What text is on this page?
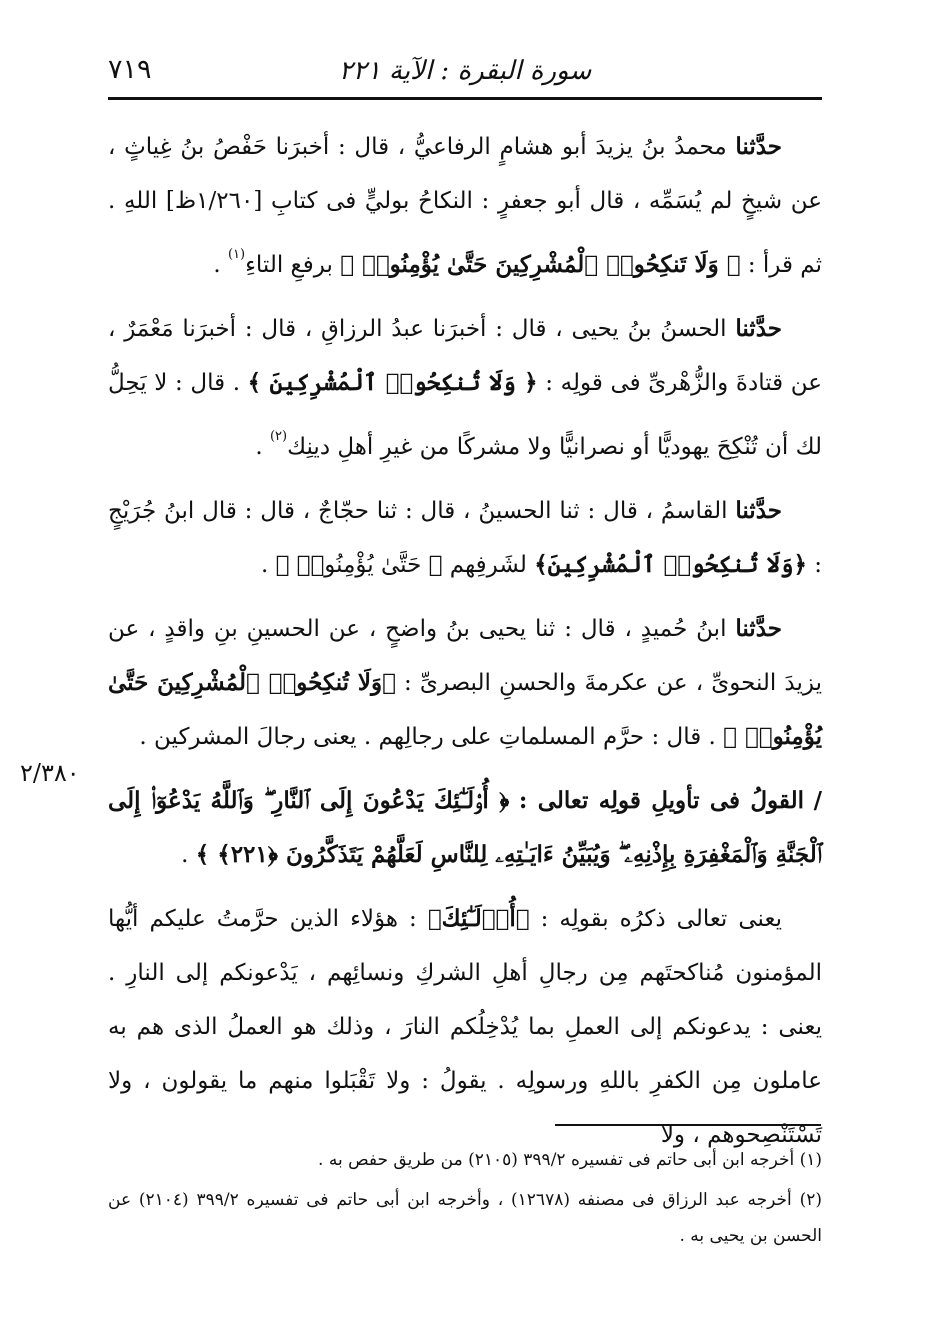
سورة البقرة : الآية ٢٢١
٧١٩

حدَّثنا محمدُ بنُ يزيدَ أبو هشامٍ الرفاعيُّ ، قال : أخبرَنا حَفْصُ بنُ غِياثٍ ، عن شيخٍ لم يُسَمِّه ، قال أبو جعفرٍ : النكاحُ بوليٍّ فى كتابِ [١/٢٦٠ظ] اللهِ . ثم قرأ : ﴿ وَلَا تَنكِحُوا۟ ٱلْمُشْرِكِينَ حَتَّىٰ يُؤْمِنُوا۟ ﴾ برفعِ التاءِ$^{(١)}$ .

حدَّثنا الحسنُ بنُ يحيى ، قال : أخبرَنا عبدُ الرزاقِ ، قال : أخبرَنا مَعْمَرٌ ، عن قتادةَ والزُّهْرىِّ فى قولِه : ﴿ وَلَا تُنكِحُوا۟ ٱلْمُشْرِكِينَ ﴾ . قال : لا يَحِلُّ لك أن تُنْكِحَ يهوديًّا أو نصرانيًّا ولا مشركًا من غيرِ أهلِ دينِك$^{(٢)}$ .

حدَّثنا القاسمُ ، قال : ثنا الحسينُ ، قال : ثنا حجّاجٌ ، قال : قال ابنُ جُرَيْجٍ : ﴿وَلَا تُنكِحُوا۟ ٱلْمُشْرِكِينَ﴾ لشَرفِهم ﴿ حَتَّىٰ يُؤْمِنُوا۟ ﴾ .

حدَّثنا ابنُ حُميدٍ ، قال : ثنا يحيى بنُ واضحٍ ، عن الحسينِ بنِ واقدٍ ، عن يزيدَ النحوىِّ ، عن عكرمةَ والحسنِ البصرىِّ : ﴿وَلَا تُنكِحُوا۟ ٱلْمُشْرِكِينَ حَتَّىٰ يُؤْمِنُوا۟ ﴾ . قال : حرَّم المسلماتِ على رجالِهم . يعنى رجالَ المشركين .

/ القولُ فى تأويلِ قولِه تعالى : ﴿ أُو۟لَـٰٓئِكَ يَدْعُونَ إِلَى ٱلنَّارِ ۖ وَٱللَّهُ يَدْعُوٓا۟ إِلَى ٱلْجَنَّةِ وَٱلْمَغْفِرَةِ بِإِذْنِهِۦ ۖ وَيُبَيِّنُ ءَايَـٰتِهِۦ لِلنَّاسِ لَعَلَّهُمْ يَتَذَكَّرُونَ ﴿٢٢١﴾ ﴾ .

يعنى تعالى ذكرُه بقولِه : ﴿أُو۟لَـٰٓئِكَ﴾ : هؤلاء الذين حرَّمتُ عليكم أيُّها المؤمنون مُناكحتَهم مِن رجالِ أهلِ الشركِ ونسائِهم ، يَدْعونكم إلى النارِ . يعنى : يدعونكم إلى العملِ بما يُدْخِلُكم النارَ ، وذلك هو العملُ الذى هم به عاملون مِن الكفرِ باللهِ ورسولِه . يقولُ : ولا تَقْبَلوا منهم ما يقولون ، ولا تَسْتَنْصِحوهم ، ولا

٢/٣٨٠

(١) أخرجه ابن أبى حاتم فى تفسيره ٣٩٩/٢ (٢١٠٥) من طريق حفص به .

(٢) أخرجه عبد الرزاق فى مصنفه (١٢٦٧٨) ، وأخرجه ابن أبى حاتم فى تفسيره ٣٩٩/٢ (٢١٠٤) عن الحسن بن يحيى به .
